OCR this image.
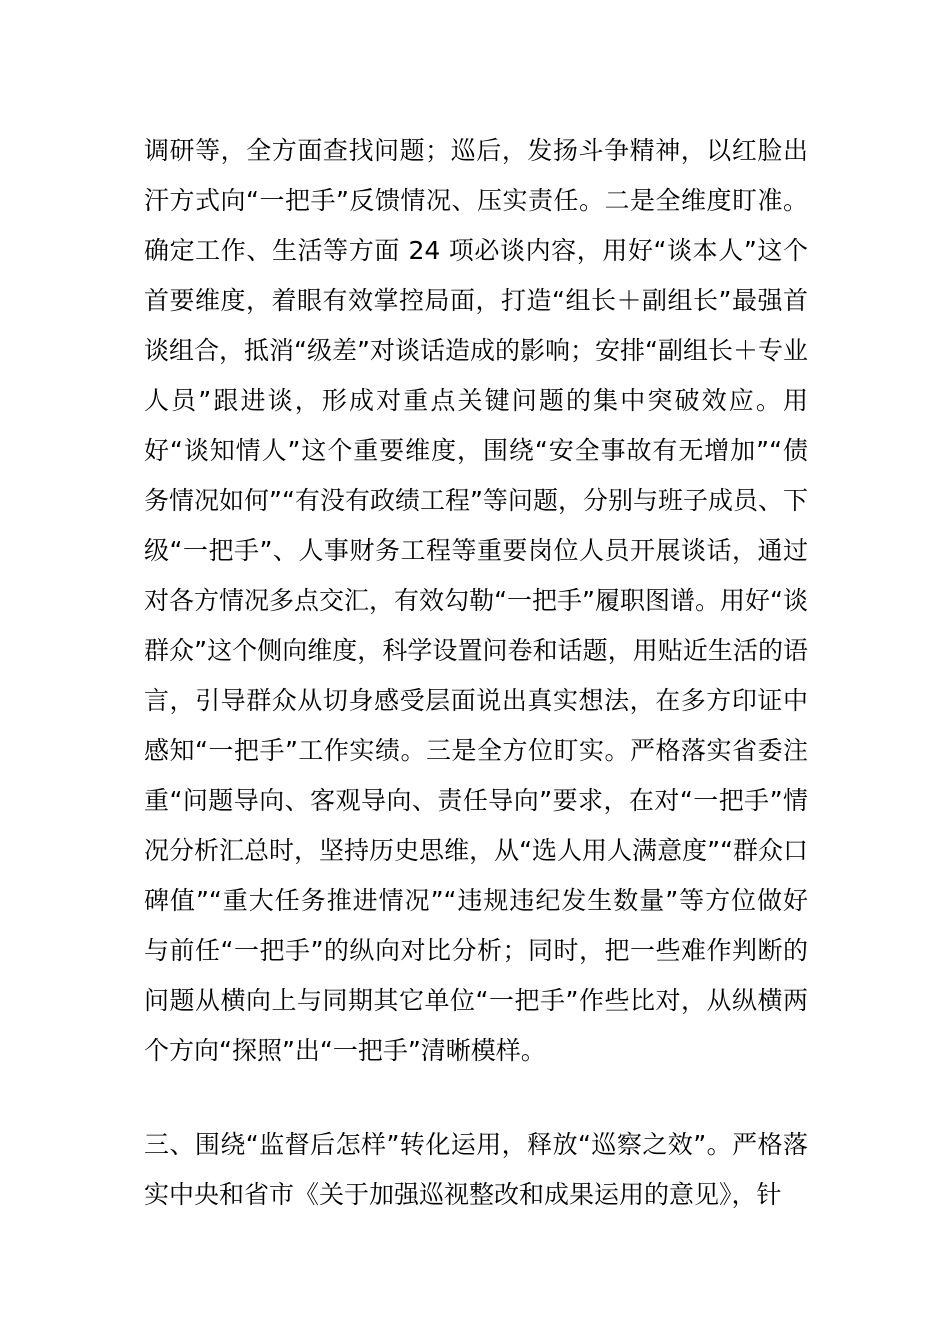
调研等，全方面查找问题；巡后，发扬斗争精神，以红脸出汗方式向“一把手”反馈情况、压实责任。二是全维度盯准。确定工作、生活等方面 24 项必谈内容，用好“谈本人”这个首要维度，着眼有效掌控局面，打造“组长＋副组长”最强首谈组合，抵消“级差”对谈话造成的影响；安排“副组长＋专业人员”跟进谈，形成对重点关键问题的集中突破效应。用好“谈知情人”这个重要维度，围绕“安全事故有无增加”“债务情况如何”“有没有政绩工程”等问题，分别与班子成员、下级“一把手”、人事财务工程等重要岗位人员开展谈话，通过对各方情况多点交汇，有效勾勒“一把手”履职图谱。用好“谈群众”这个侧向维度，科学设置问卷和话题，用贴近生活的语言，引导群众从切身感受层面说出真实想法，在多方印证中感知“一把手”工作实绩。三是全方位盯实。严格落实省委注重“问题导向、客观导向、责任导向”要求，在对“一把手”情况分析汇总时，坚持历史思维，从“选人用人满意度”“群众口碑值”“重大任务推进情况”“违规违纪发生数量”等方位做好与前任“一把手”的纵向对比分析；同时，把一些难作判断的问题从横向上与同期其它单位“一把手”作些比对，从纵横两个方向“探照”出“一把手”清晰模样。

三、围绕“监督后怎样”转化运用，释放“巡察之效”。严格落实中央和省市《关于加强巡视整改和成果运用的意见》，针
